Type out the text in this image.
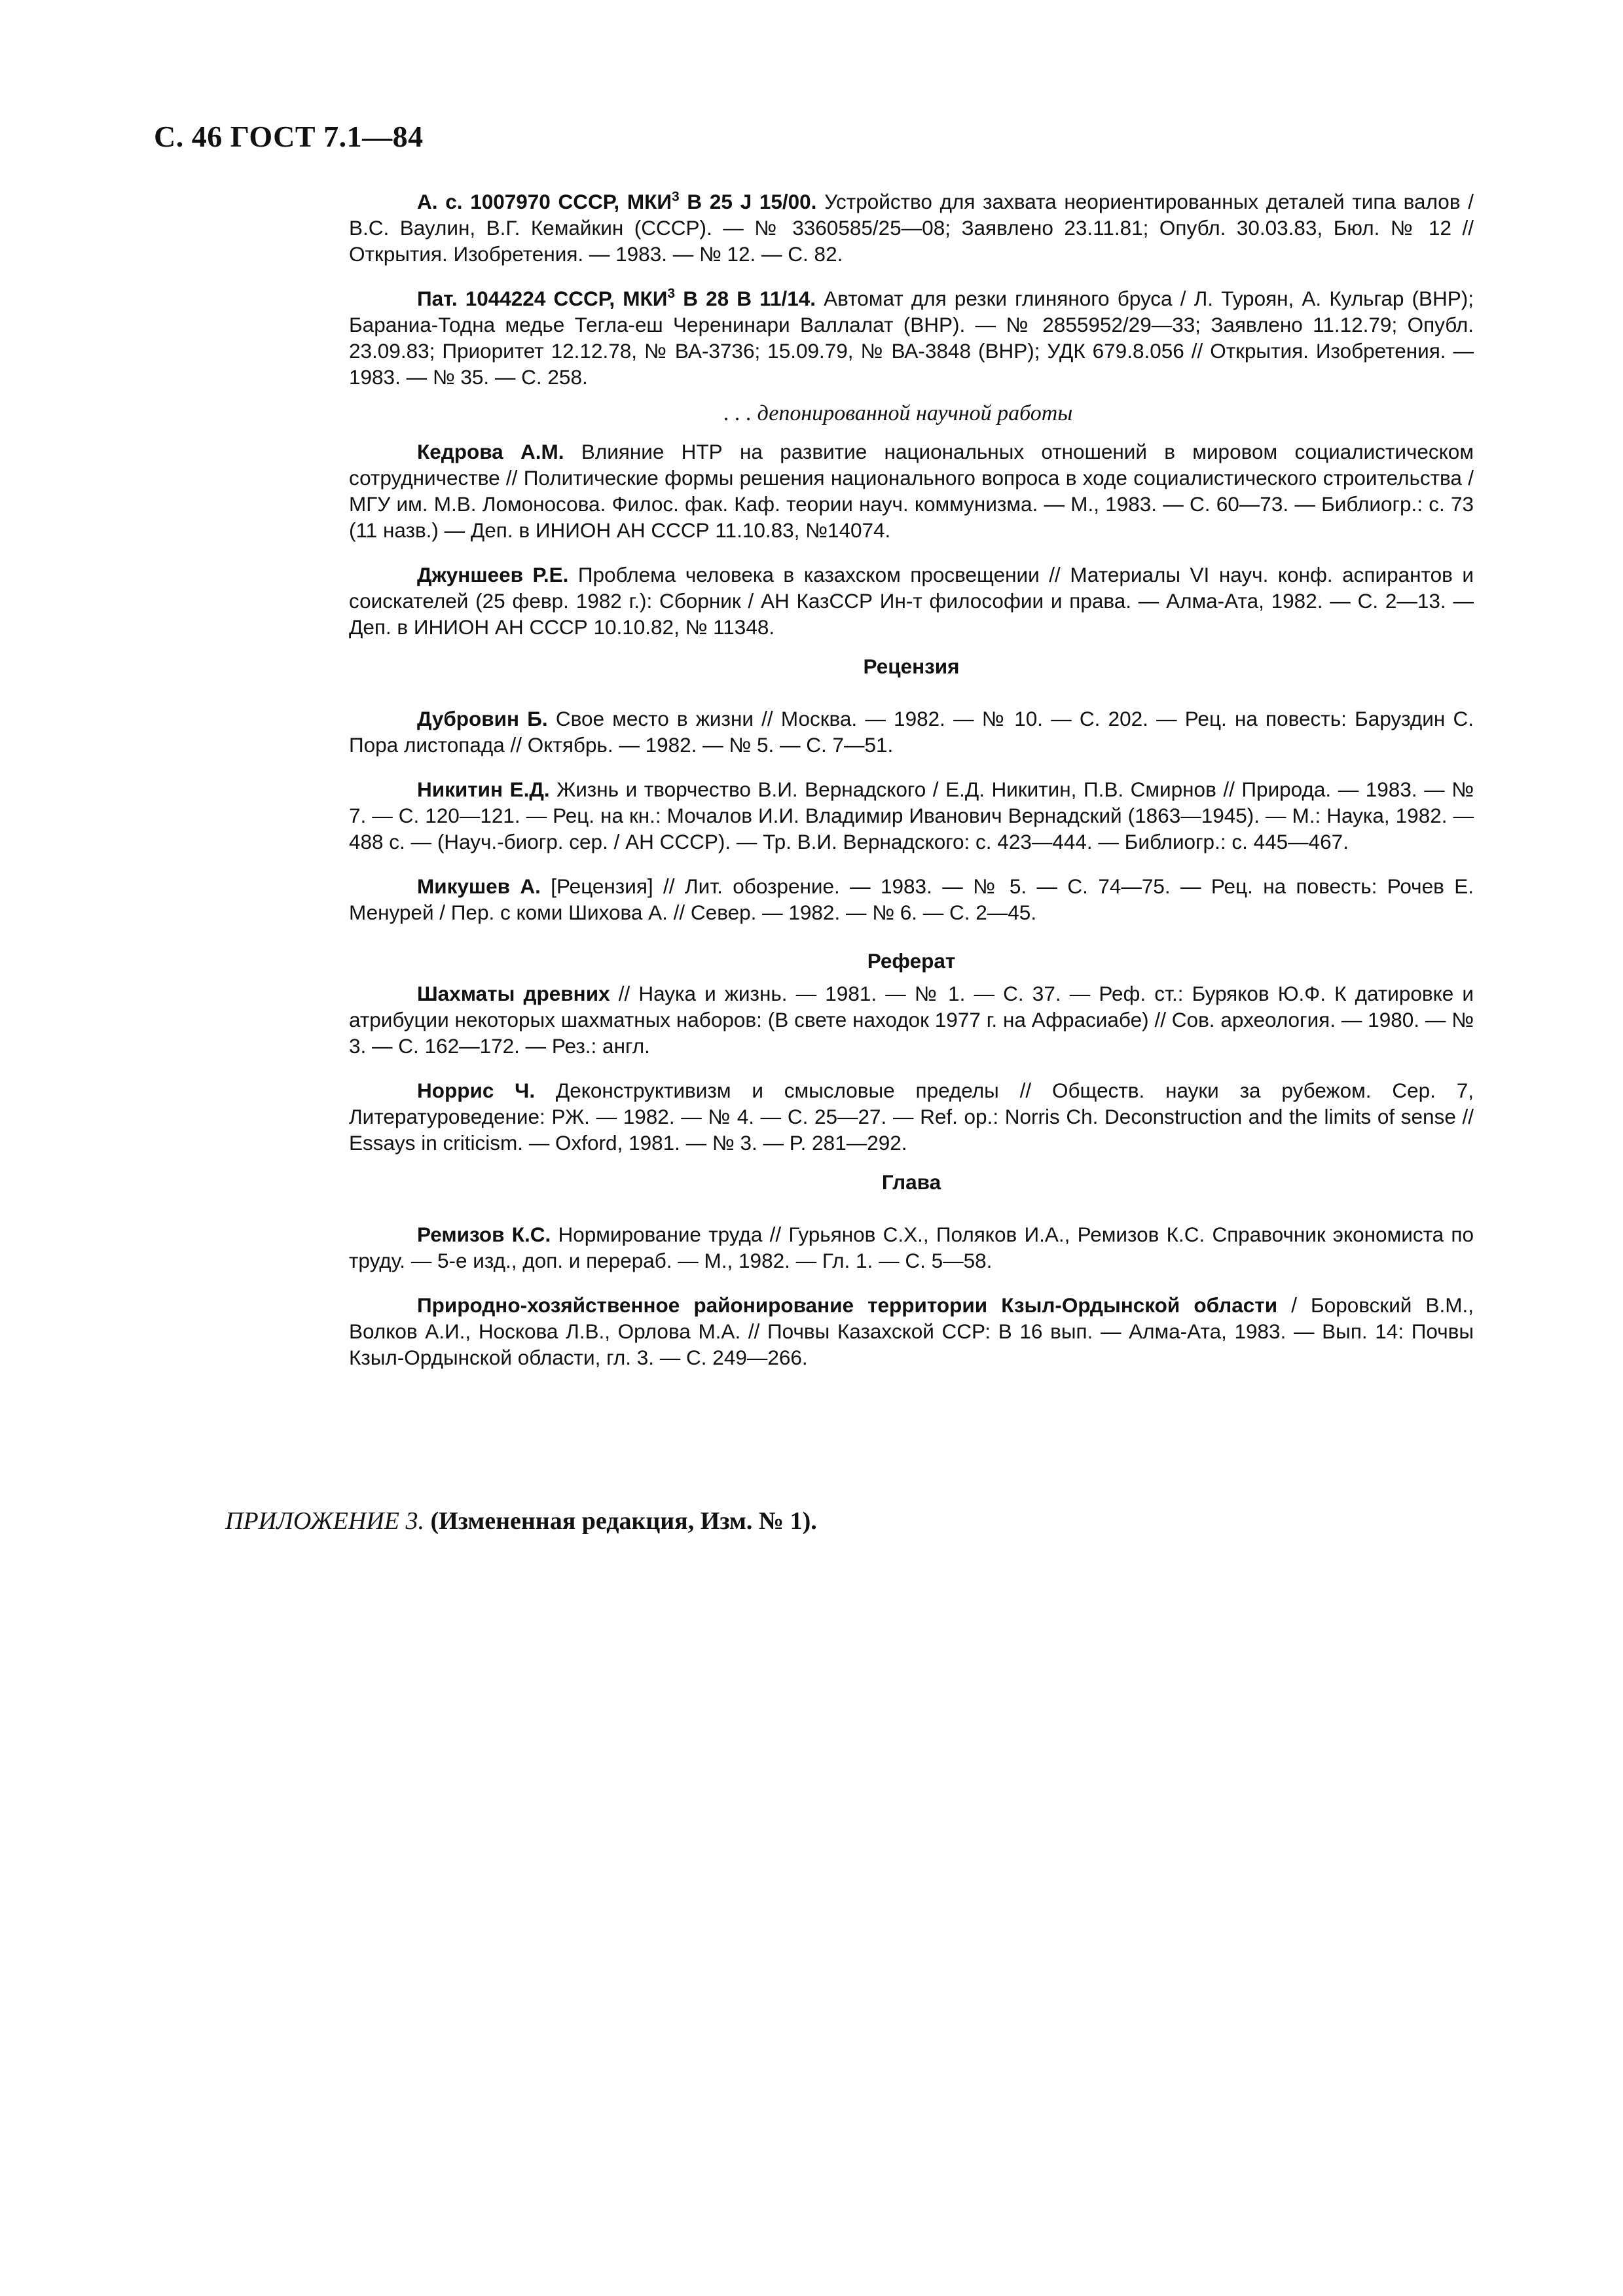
С. 46 ГОСТ 7.1—84

А. с. 1007970 СССР, МКИ$^3$ В 25 J 15/00. Устройство для захвата неориентированных деталей типа валов / В.С. Ваулин, В.Г. Кемайкин (СССР). — № 3360585/25—08; Заявлено 23.11.81; Опубл. 30.03.83, Бюл. № 12 // Открытия. Изобретения. — 1983. — № 12. — С. 82.

Пат. 1044224 СССР, МКИ$^3$ В 28 В 11/14. Автомат для резки глиняного бруса / Л. Туроян, А. Кульгар (ВНР); Бараниа-Тодна медье Тегла-еш Черенинари Валлалат (ВНР). — № 2855952/29—33; Заявлено 11.12.79; Опубл. 23.09.83; Приоритет 12.12.78, № ВА-3736; 15.09.79, № ВА-3848 (ВНР); УДК 679.8.056 // Открытия. Изобретения. — 1983. — № 35. — С. 258.

. . . депонированной научной работы

Кедрова А.М. Влияние НТР на развитие национальных отношений в мировом социалистическом сотрудничестве // Политические формы решения национального вопроса в ходе социалистического строительства / МГУ им. М.В. Ломоносова. Филос. фак. Каф. теории науч. коммунизма. — М., 1983. — С. 60—73. — Библиогр.: с. 73 (11 назв.) — Деп. в ИНИОН АН СССР 11.10.83, №14074.

Джуншеев Р.Е. Проблема человека в казахском просвещении // Материалы VI науч. конф. аспирантов и соискателей (25 февр. 1982 г.): Сборник / АН КазССР Ин-т философии и права. — Алма-Ата, 1982. — С. 2—13. — Деп. в ИНИОН АН СССР 10.10.82, № 11348.

Рецензия

Дубровин Б. Свое место в жизни // Москва. — 1982. — № 10. — С. 202. — Рец. на повесть: Баруздин С. Пора листопада // Октябрь. — 1982. — № 5. — С. 7—51.

Никитин Е.Д. Жизнь и творчество В.И. Вернадского / Е.Д. Никитин, П.В. Смирнов // Природа. — 1983. — № 7. — С. 120—121. — Рец. на кн.: Мочалов И.И. Владимир Иванович Вернадский (1863—1945). — М.: Наука, 1982. — 488 с. — (Науч.-биогр. сер. / АН СССР). — Тр. В.И. Вернадского: с. 423—444. — Библиогр.: с. 445—467.

Микушев А. [Рецензия] // Лит. обозрение. — 1983. — № 5. — С. 74—75. — Рец. на повесть: Рочев Е. Менурей / Пер. с коми Шихова А. // Север. — 1982. — № 6. — С. 2—45.

Реферат

Шахматы древних // Наука и жизнь. — 1981. — № 1. — С. 37. — Реф. ст.: Буряков Ю.Ф. К датировке и атрибуции некоторых шахматных наборов: (В свете находок 1977 г. на Афрасиабе) // Сов. археология. — 1980. — № 3. — С. 162—172. — Рез.: англ.

Норрис Ч. Деконструктивизм и смысловые пределы // Обществ. науки за рубежом. Сер. 7, Литературоведение: РЖ. — 1982. — № 4. — С. 25—27. — Ref. op.: Norris Ch. Deconstruction and the limits of sense // Essays in criticism. — Oxford, 1981. — № 3. — P. 281—292.

Глава

Ремизов К.С. Нормирование труда // Гурьянов С.Х., Поляков И.А., Ремизов К.С. Справочник экономиста по труду. — 5-е изд., доп. и перераб. — М., 1982. — Гл. 1. — С. 5—58.

Природно-хозяйственное районирование территории Кзыл-Ордынской области / Боровский В.М., Волков А.И., Носкова Л.В., Орлова М.А. // Почвы Казахской ССР: В 16 вып. — Алма-Ата, 1983. — Вып. 14: Почвы Кзыл-Ордынской области, гл. 3. — С. 249—266.

ПРИЛОЖЕНИЕ 3. (Измененная редакция, Изм. № 1).
